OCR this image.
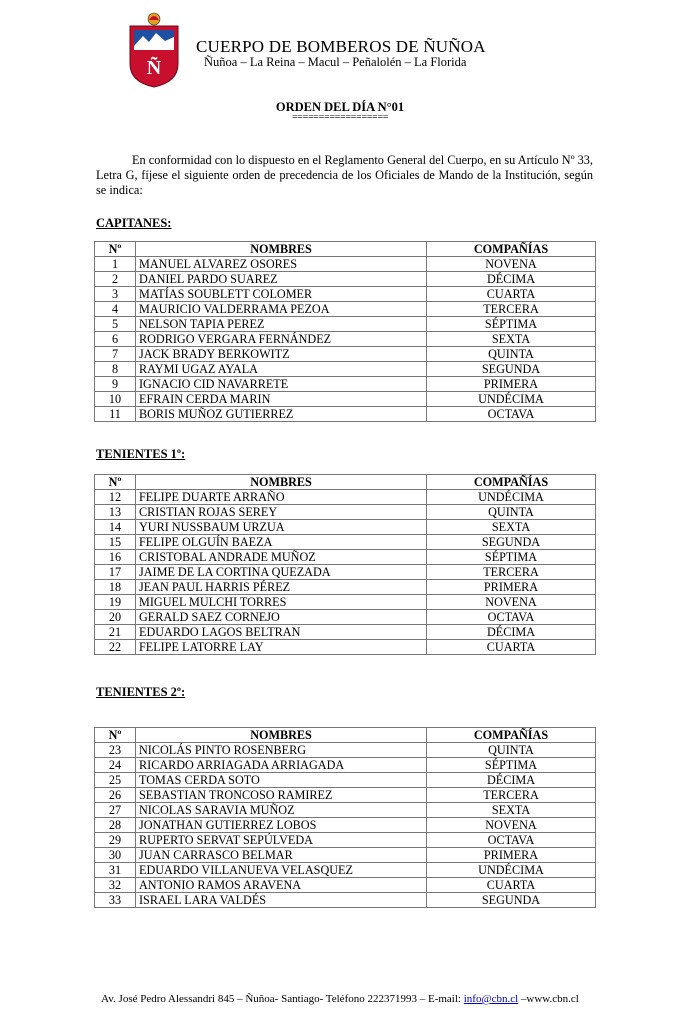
Ñ
CUERPO DE BOMBEROS DE ÑUÑOA
Ñuñoa – La Reina – Macul – Peñalolén – La Florida
ORDEN DEL DÍA N°01
==================

En conformidad con lo dispuesto en el Reglamento General del Cuerpo, en su Artículo Nº 33, Letra G, fíjese el siguiente orden de precedencia de los Oficiales de Mando de la Institución, según se indica:

CAPITANES:
Nº	NOMBRES	COMPAÑÍAS
1	MANUEL ALVAREZ OSORES	NOVENA
2	DANIEL PARDO SUAREZ	DÉCIMA
3	MATÍAS SOUBLETT COLOMER	CUARTA
4	MAURICIO VALDERRAMA PEZOA	TERCERA
5	NELSON TAPIA PEREZ	SÉPTIMA
6	RODRIGO VERGARA FERNÁNDEZ	SEXTA
7	JACK BRADY BERKOWITZ	QUINTA
8	RAYMI UGAZ AYALA	SEGUNDA
9	IGNACIO CID NAVARRETE	PRIMERA
10	EFRAIN CERDA MARIN	UNDÉCIMA
11	BORIS MUÑOZ GUTIERREZ	OCTAVA
TENIENTES 1º:
Nº	NOMBRES	COMPAÑÍAS
12	FELIPE DUARTE ARRAÑO	UNDÉCIMA
13	CRISTIAN ROJAS SEREY	QUINTA
14	YURI NUSSBAUM URZUA	SEXTA
15	FELIPE OLGUÍN BAEZA	SEGUNDA
16	CRISTOBAL ANDRADE MUÑOZ	SÉPTIMA
17	JAIME DE LA CORTINA QUEZADA	TERCERA
18	JEAN PAUL HARRIS PÉREZ	PRIMERA
19	MIGUEL MULCHI TORRES	NOVENA
20	GERALD SAEZ CORNEJO	OCTAVA
21	EDUARDO LAGOS BELTRAN	DÉCIMA
22	FELIPE LATORRE LAY	CUARTA
TENIENTES 2º:
Nº	NOMBRES	COMPAÑÍAS
23	NICOLÁS PINTO ROSENBERG	QUINTA
24	RICARDO ARRIAGADA ARRIAGADA	SÉPTIMA
25	TOMAS CERDA SOTO	DÉCIMA
26	SEBASTIAN TRONCOSO RAMIREZ	TERCERA
27	NICOLAS SARAVIA MUÑOZ	SEXTA
28	JONATHAN GUTIERREZ LOBOS	NOVENA
29	RUPERTO SERVAT SEPÚLVEDA	OCTAVA
30	JUAN CARRASCO BELMAR	PRIMERA
31	EDUARDO VILLANUEVA VELASQUEZ	UNDÉCIMA
32	ANTONIO RAMOS ARAVENA	CUARTA
33	ISRAEL LARA VALDÉS	SEGUNDA
Av. José Pedro Alessandri 845 – Ñuñoa- Santiago- Teléfono 222371993 – E-mail: info@cbn.cl –www.cbn.cl
